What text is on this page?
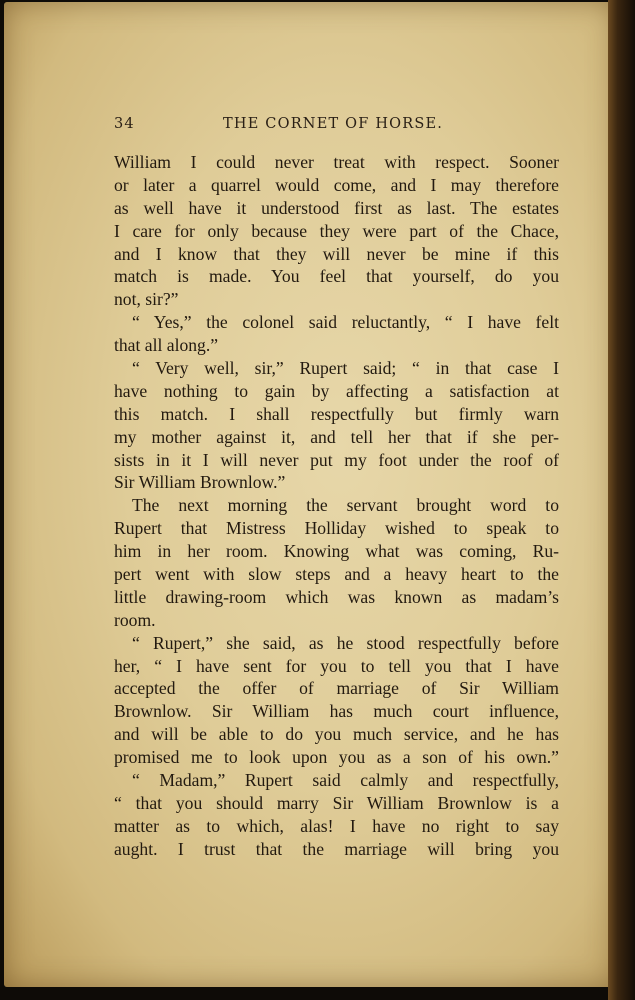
34	THE CORNET OF HORSE.
William I could never treat with respect. Sooner
or later a quarrel would come, and I may therefore
as well have it understood first as last. The estates
I care for only because they were part of the Chace,
and I know that they will never be mine if this
match is made. You feel that yourself, do you
not, sir?”
“ Yes,” the colonel said reluctantly, “ I have felt
that all along.”
“ Very well, sir,” Rupert said; “ in that case I
have nothing to gain by affecting a satisfaction at
this match. I shall respectfully but firmly warn
my mother against it, and tell her that if she per-
sists in it I will never put my foot under the roof of
Sir William Brownlow.”
The next morning the servant brought word to
Rupert that Mistress Holliday wished to speak to
him in her room. Knowing what was coming, Ru-
pert went with slow steps and a heavy heart to the
little drawing-room which was known as madam’s
room.
“ Rupert,” she said, as he stood respectfully before
her, “ I have sent for you to tell you that I have
accepted the offer of marriage of Sir William
Brownlow. Sir William has much court influence,
and will be able to do you much service, and he has
promised me to look upon you as a son of his own.”
“ Madam,” Rupert said calmly and respectfully,
“ that you should marry Sir William Brownlow is a
matter as to which, alas! I have no right to say
aught. I trust that the marriage will bring you
